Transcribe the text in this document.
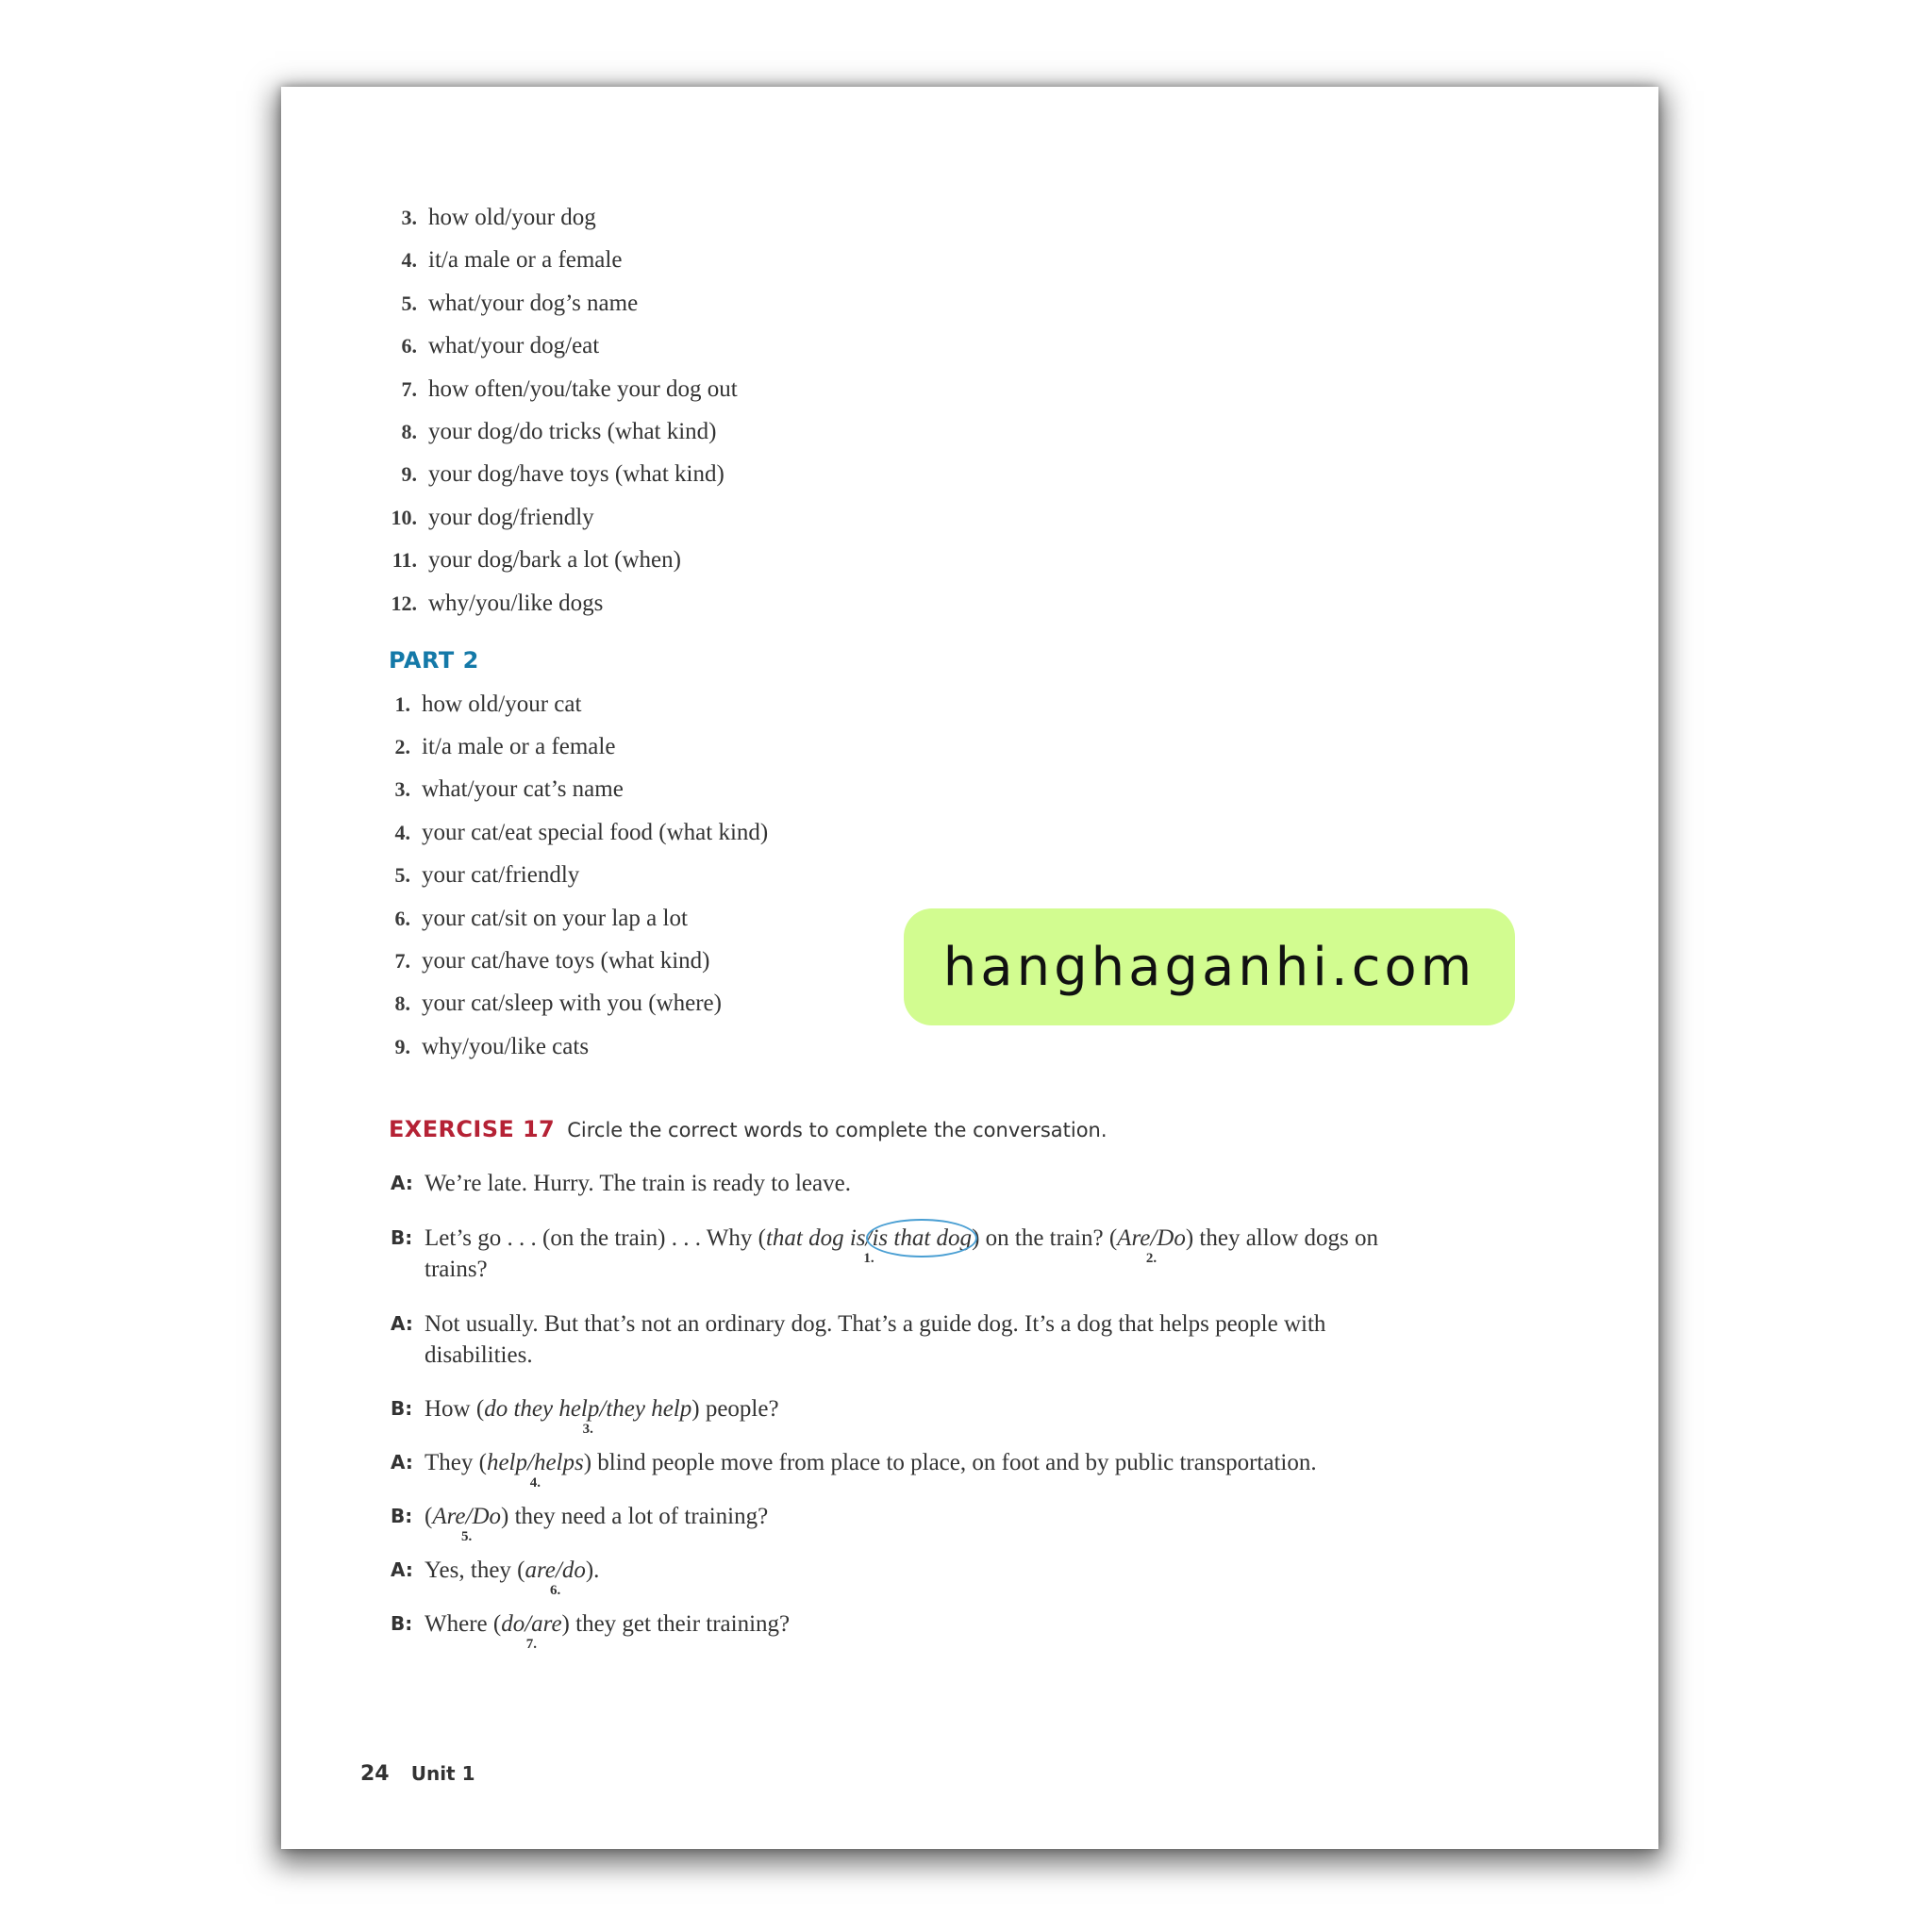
3. how old/your dog
4. it/a male or a female
5. what/your dog’s name
6. what/your dog/eat
7. how often/you/take your dog out
8. your dog/do tricks (what kind)
9. your dog/have toys (what kind)
10. your dog/friendly
11. your dog/bark a lot (when)
12. why/you/like dogs
PART 2
1. how old/your cat
2. it/a male or a female
3. what/your cat’s name
4. your cat/eat special food (what kind)
5. your cat/friendly
6. your cat/sit on your lap a lot
7. your cat/have toys (what kind)
8. your cat/sleep with you (where)
9. why/you/like cats
EXERCISE 17 Circle the correct words to complete the conversation.
A: We’re late. Hurry. The train is ready to leave.
B: Let’s go . . . (on the train) . . . Why (that dog is/is that dog
1.
) on the train? (Are/Do
2.
) they allow dogs on trains?
A: Not usually. But that’s not an ordinary dog. That’s a guide dog. It’s a dog that helps people with disabilities.
B: How (do they help/they help
3.
) people?
A: They (help/helps
4.
) blind people move from place to place, on foot and by public transportation.
B: (Are/Do
5.
) they need a lot of training?
A: Yes, they (are/do
6.
).
B: Where (do/are
7.
) they get their training?
24 Unit 1
hanghaganhi.com
